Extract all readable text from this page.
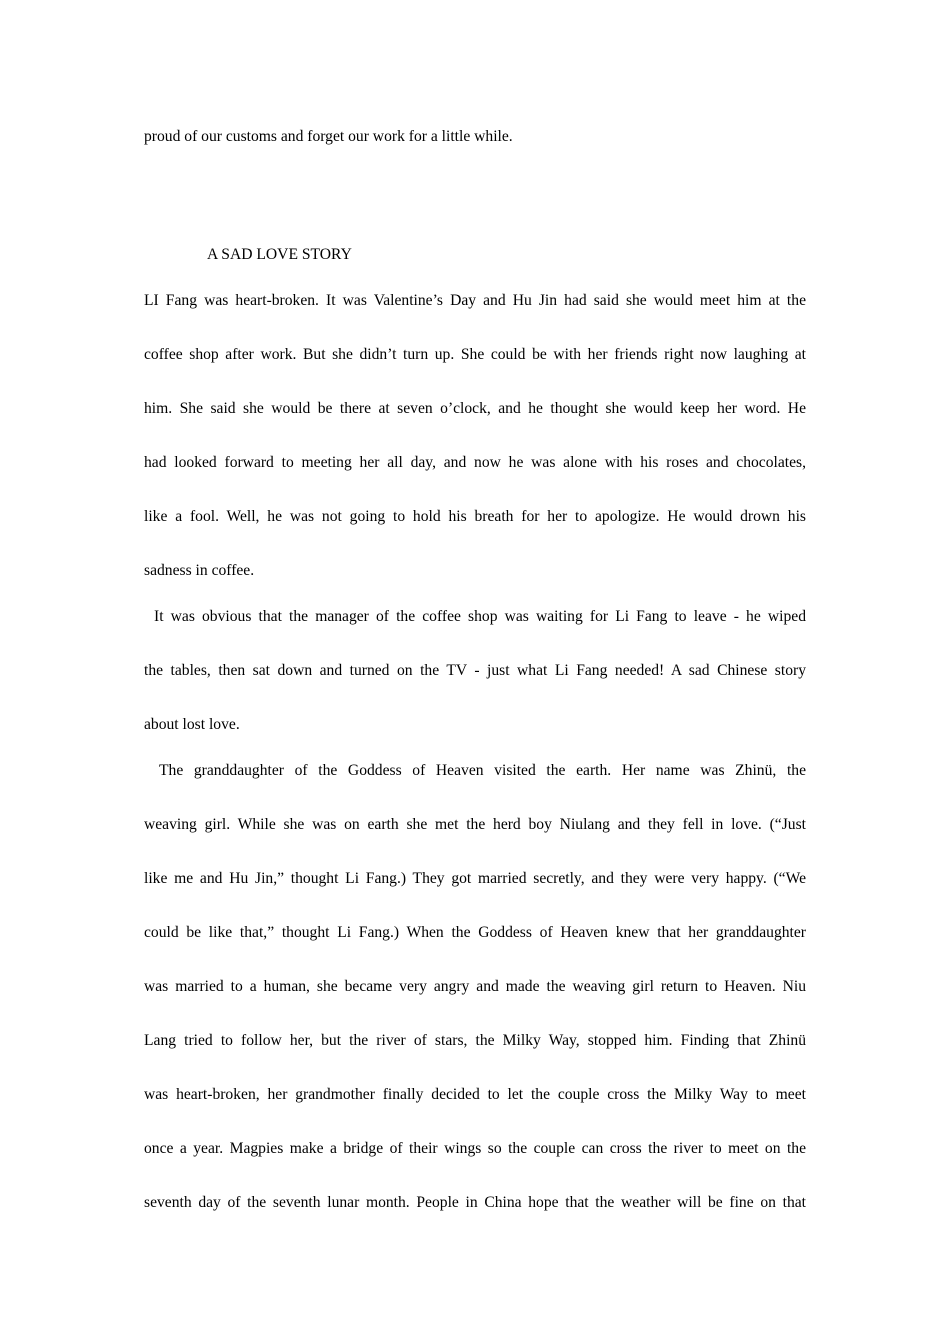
proud of our customs and forget our work for a little while.

A SAD LOVE STORY

LI Fang was heart-broken. It was Valentine’s Day and Hu Jin had said she would meet him at the

coffee shop after work. But she didn’t turn up. She could be with her friends right now laughing at

him. She said she would be there at seven o’clock, and he thought she would keep her word. He

had looked forward to meeting her all day, and now he was alone with his roses and chocolates,

like a fool. Well, he was not going to hold his breath for her to apologize. He would drown his

sadness in coffee.

It was obvious that the manager of the coffee shop was waiting for Li Fang to leave - he wiped

the tables, then sat down and turned on the TV - just what Li Fang needed! A sad Chinese story

about lost love.

The granddaughter of the Goddess of Heaven visited the earth. Her name was Zhinü, the

weaving girl. While she was on earth she met the herd boy Niulang and they fell in love. (“Just

like me and Hu Jin,” thought Li Fang.) They got married secretly, and they were very happy. (“We

could be like that,” thought Li Fang.) When the Goddess of Heaven knew that her granddaughter

was married to a human, she became very angry and made the weaving girl return to Heaven. Niu

Lang tried to follow her, but the river of stars, the Milky Way, stopped him. Finding that Zhinü

was heart-broken, her grandmother finally decided to let the couple cross the Milky Way to meet

once a year. Magpies make a bridge of their wings so the couple can cross the river to meet on the

seventh day of the seventh lunar month. People in China hope that the weather will be fine on that
